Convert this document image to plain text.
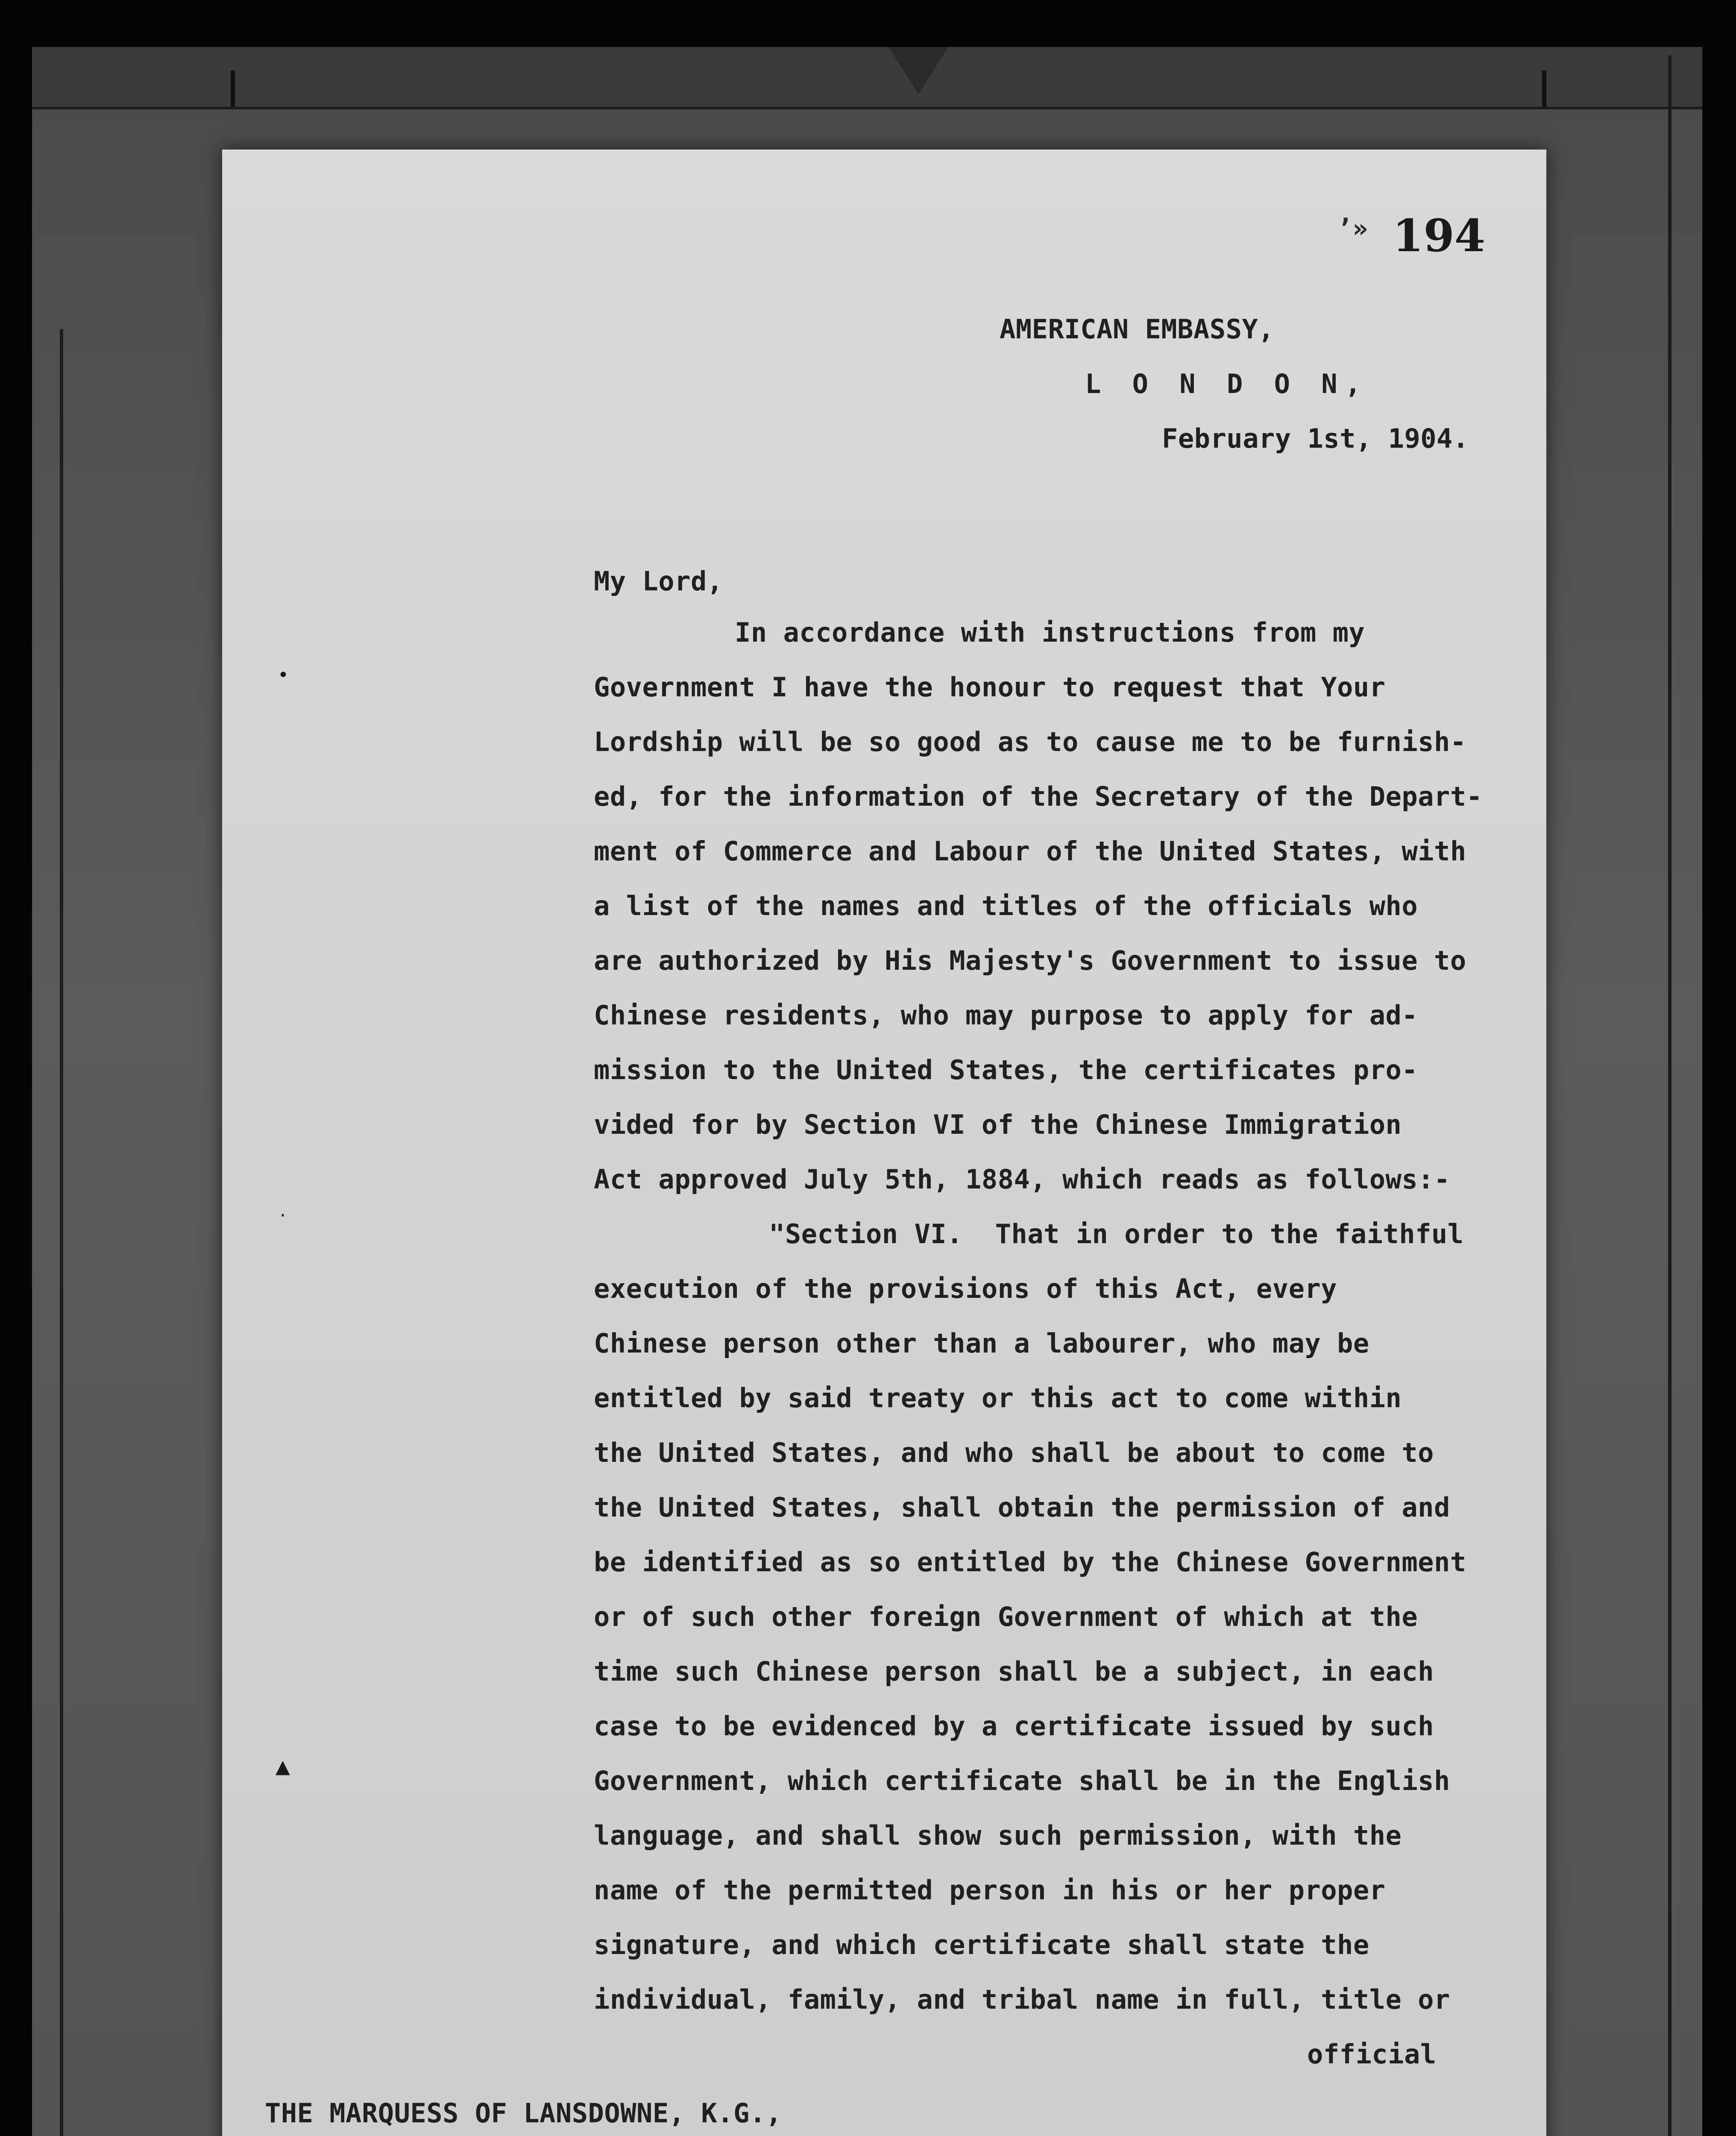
’» 194
AMERICAN EMBASSY,
L O N D O N,
February 1st, 1904.
My Lord,
In accordance with instructions from my
Government I have the honour to request that Your
Lordship will be so good as to cause me to be furnish-
ed, for the information of the Secretary of the Depart-
ment of Commerce and Labour of the United States, with
a list of the names and titles of the officials who
are authorized by His Majesty's Government to issue to
Chinese residents, who may purpose to apply for ad-
mission to the United States, the certificates pro-
vided for by Section VI of the Chinese Immigration
Act approved July 5th, 1884, which reads as follows:-
"Section VI.  That in order to the faithful
execution of the provisions of this Act, every
Chinese person other than a labourer, who may be
entitled by said treaty or this act to come within
the United States, and who shall be about to come to
the United States, shall obtain the permission of and
be identified as so entitled by the Chinese Government
or of such other foreign Government of which at the
time such Chinese person shall be a subject, in each
case to be evidenced by a certificate issued by such
Government, which certificate shall be in the English
language, and shall show such permission, with the
name of the permitted person in his or her proper
signature, and which certificate shall state the
individual, family, and tribal name in full, title or
official
THE MARQUESS OF LANSDOWNE, K.G.,
•
·
▲
